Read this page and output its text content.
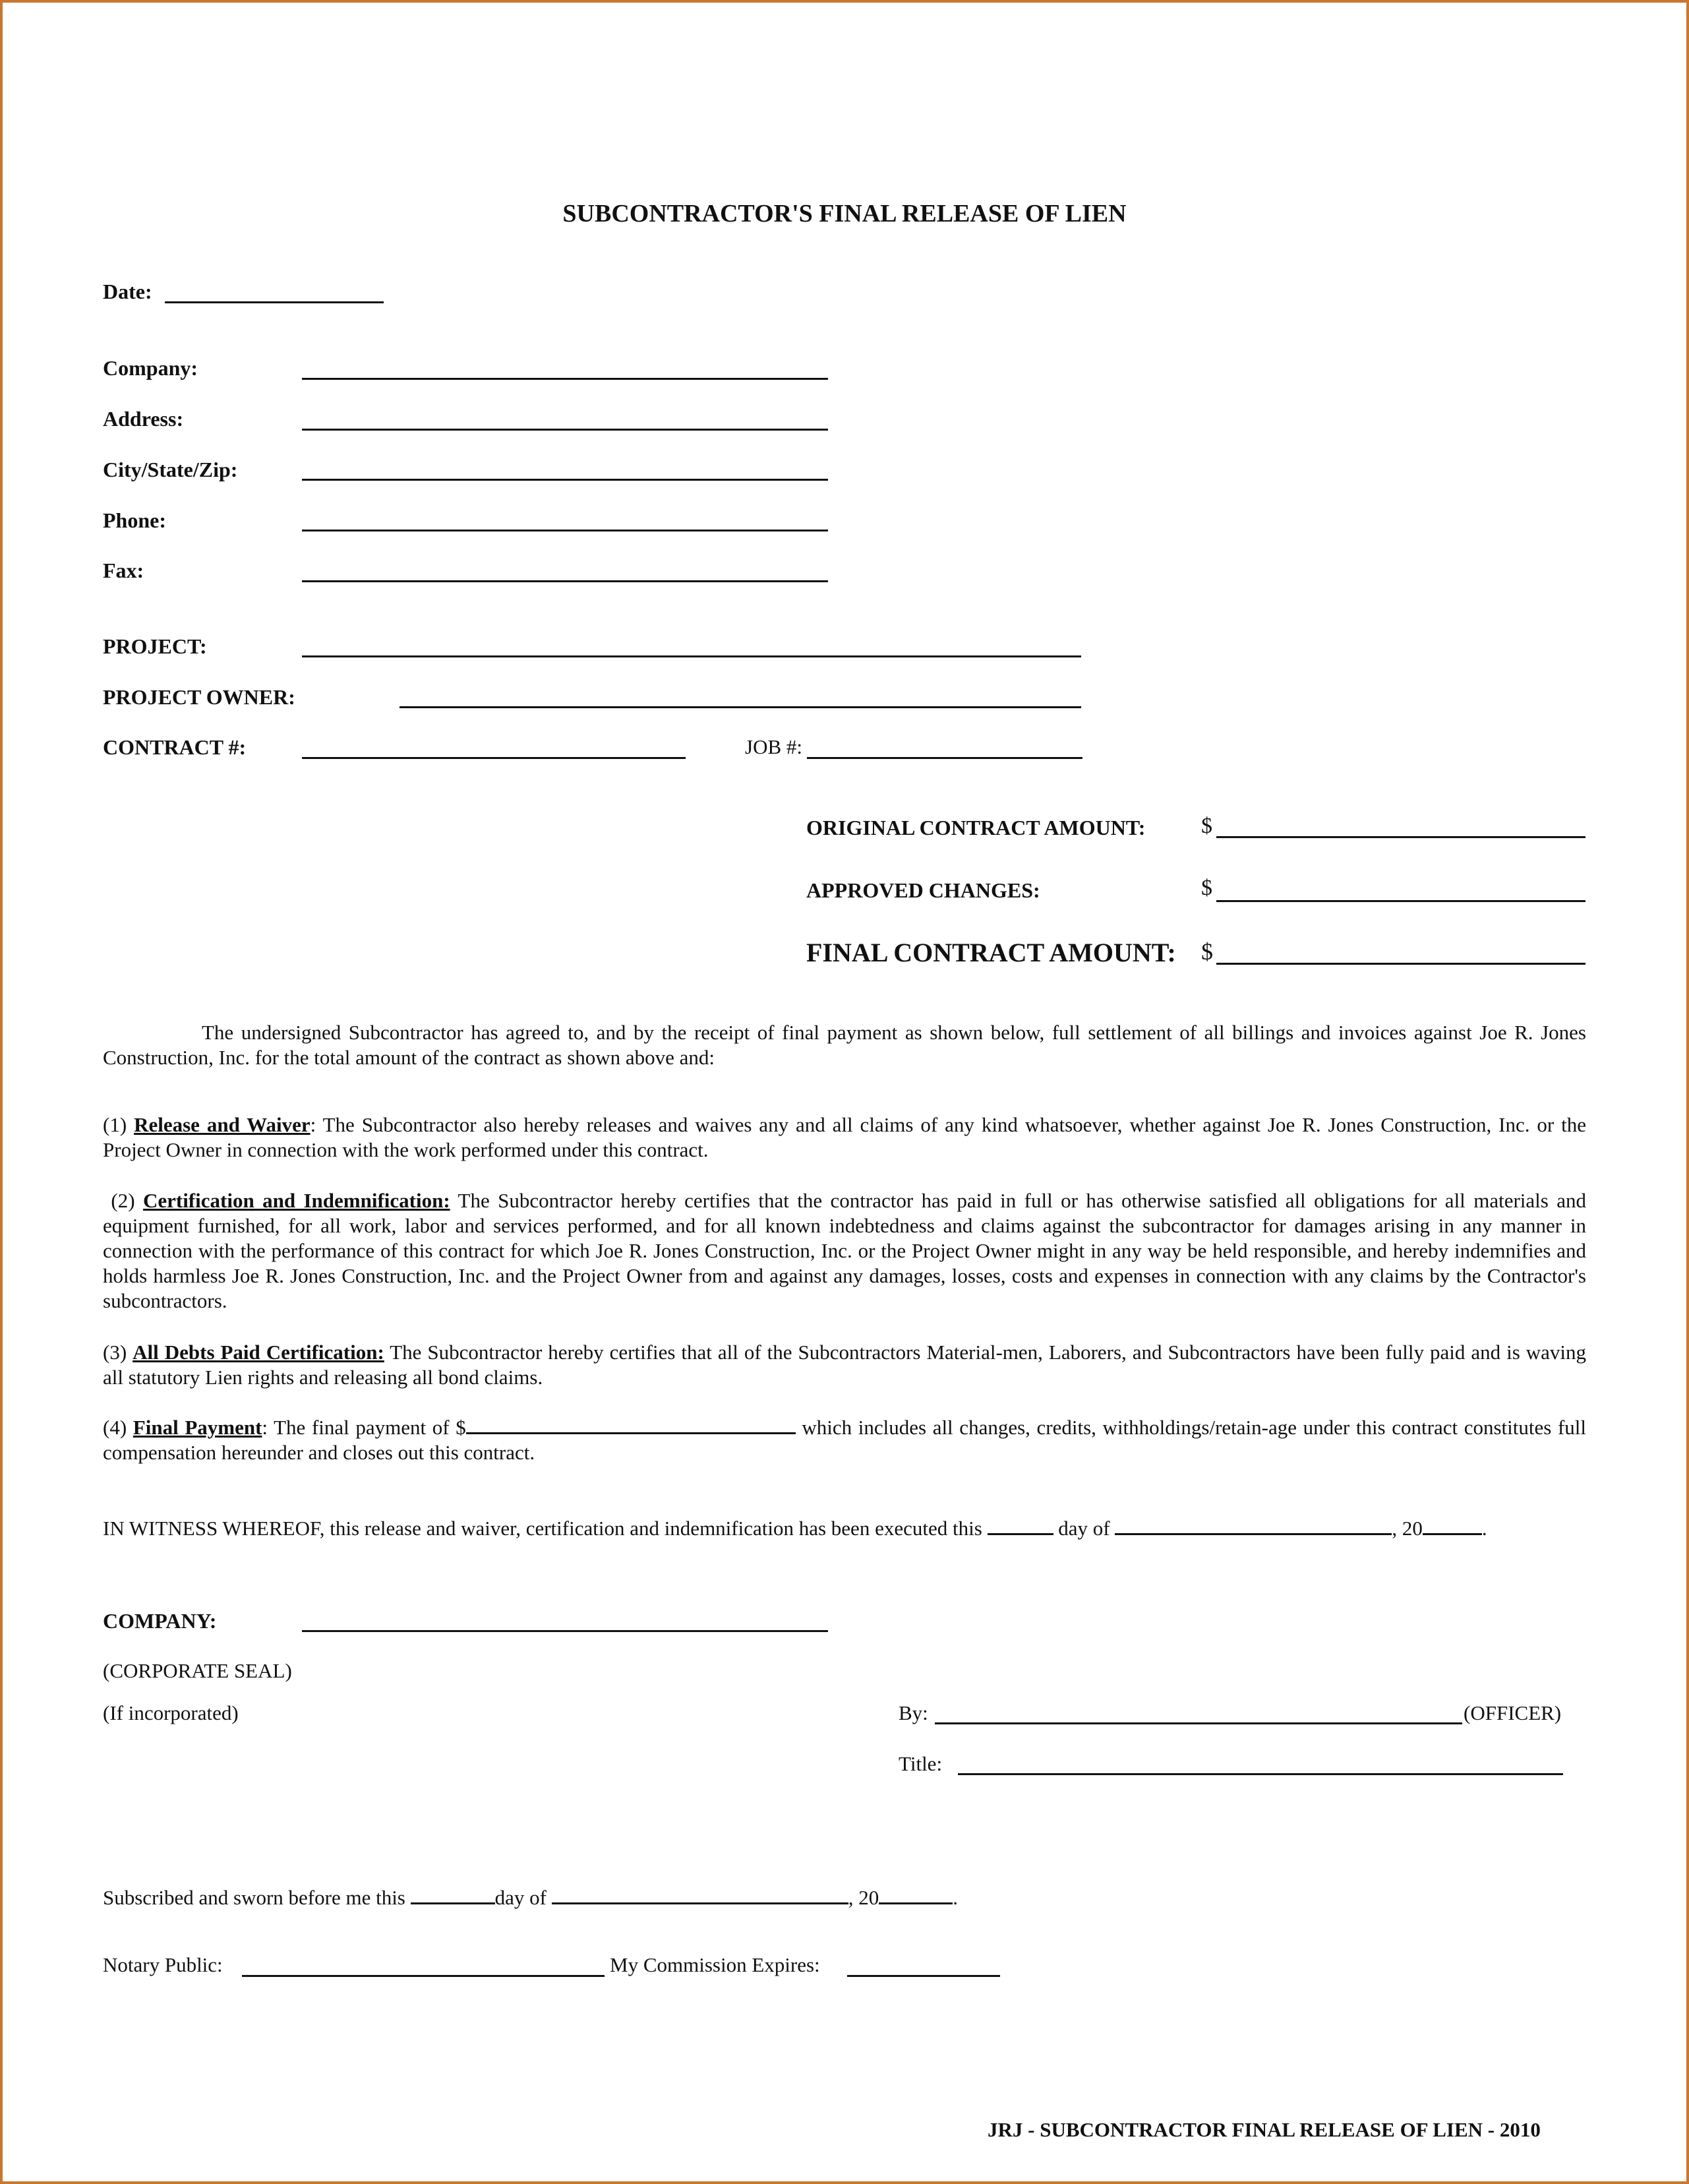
SUBCONTRACTOR'S FINAL RELEASE OF LIEN
Date:
Company:
Address:
City/State/Zip:
Phone:
Fax:
PROJECT:
PROJECT OWNER:
CONTRACT #:	JOB #:
ORIGINAL CONTRACT AMOUNT: $
APPROVED CHANGES:	$
FINAL CONTRACT AMOUNT: $
The undersigned Subcontractor has agreed to, and by the receipt of final payment as shown below, full settlement of all billings and invoices against Joe R. Jones Construction, Inc. for the total amount of the contract as shown above and:
(1) Release and Waiver: The Subcontractor also hereby releases and waives any and all claims of any kind whatsoever, whether against Joe R. Jones Construction, Inc. or the Project Owner in connection with the work performed under this contract.
(2) Certification and Indemnification: The Subcontractor hereby certifies that the contractor has paid in full or has otherwise satisfied all obligations for all materials and equipment furnished, for all work, labor and services performed, and for all known indebtedness and claims against the subcontractor for damages arising in any manner in connection with the performance of this contract for which Joe R. Jones Construction, Inc. or the Project Owner might in any way be held responsible, and hereby indemnifies and holds harmless Joe R. Jones Construction, Inc. and the Project Owner from and against any damages, losses, costs and expenses in connection with any claims by the Contractor's subcontractors.
(3) All Debts Paid Certification: The Subcontractor hereby certifies that all of the Subcontractors Material-men, Laborers, and Subcontractors have been fully paid and is waving all statutory Lien rights and releasing all bond claims.
(4) Final Payment: The final payment of $	which includes all changes, credits, withholdings/retain-age under this contract constitutes full compensation hereunder and closes out this contract.
IN WITNESS WHEREOF, this release and waiver, certification and indemnification has been executed this	day of	, 20	.
COMPANY:
(CORPORATE SEAL)
(If incorporated)	By:	(OFFICER)
Title:
Subscribed and sworn before me this	day of	, 20	.
Notary Public:	My Commission Expires:
JRJ - SUBCONTRACTOR FINAL RELEASE OF LIEN - 2010
